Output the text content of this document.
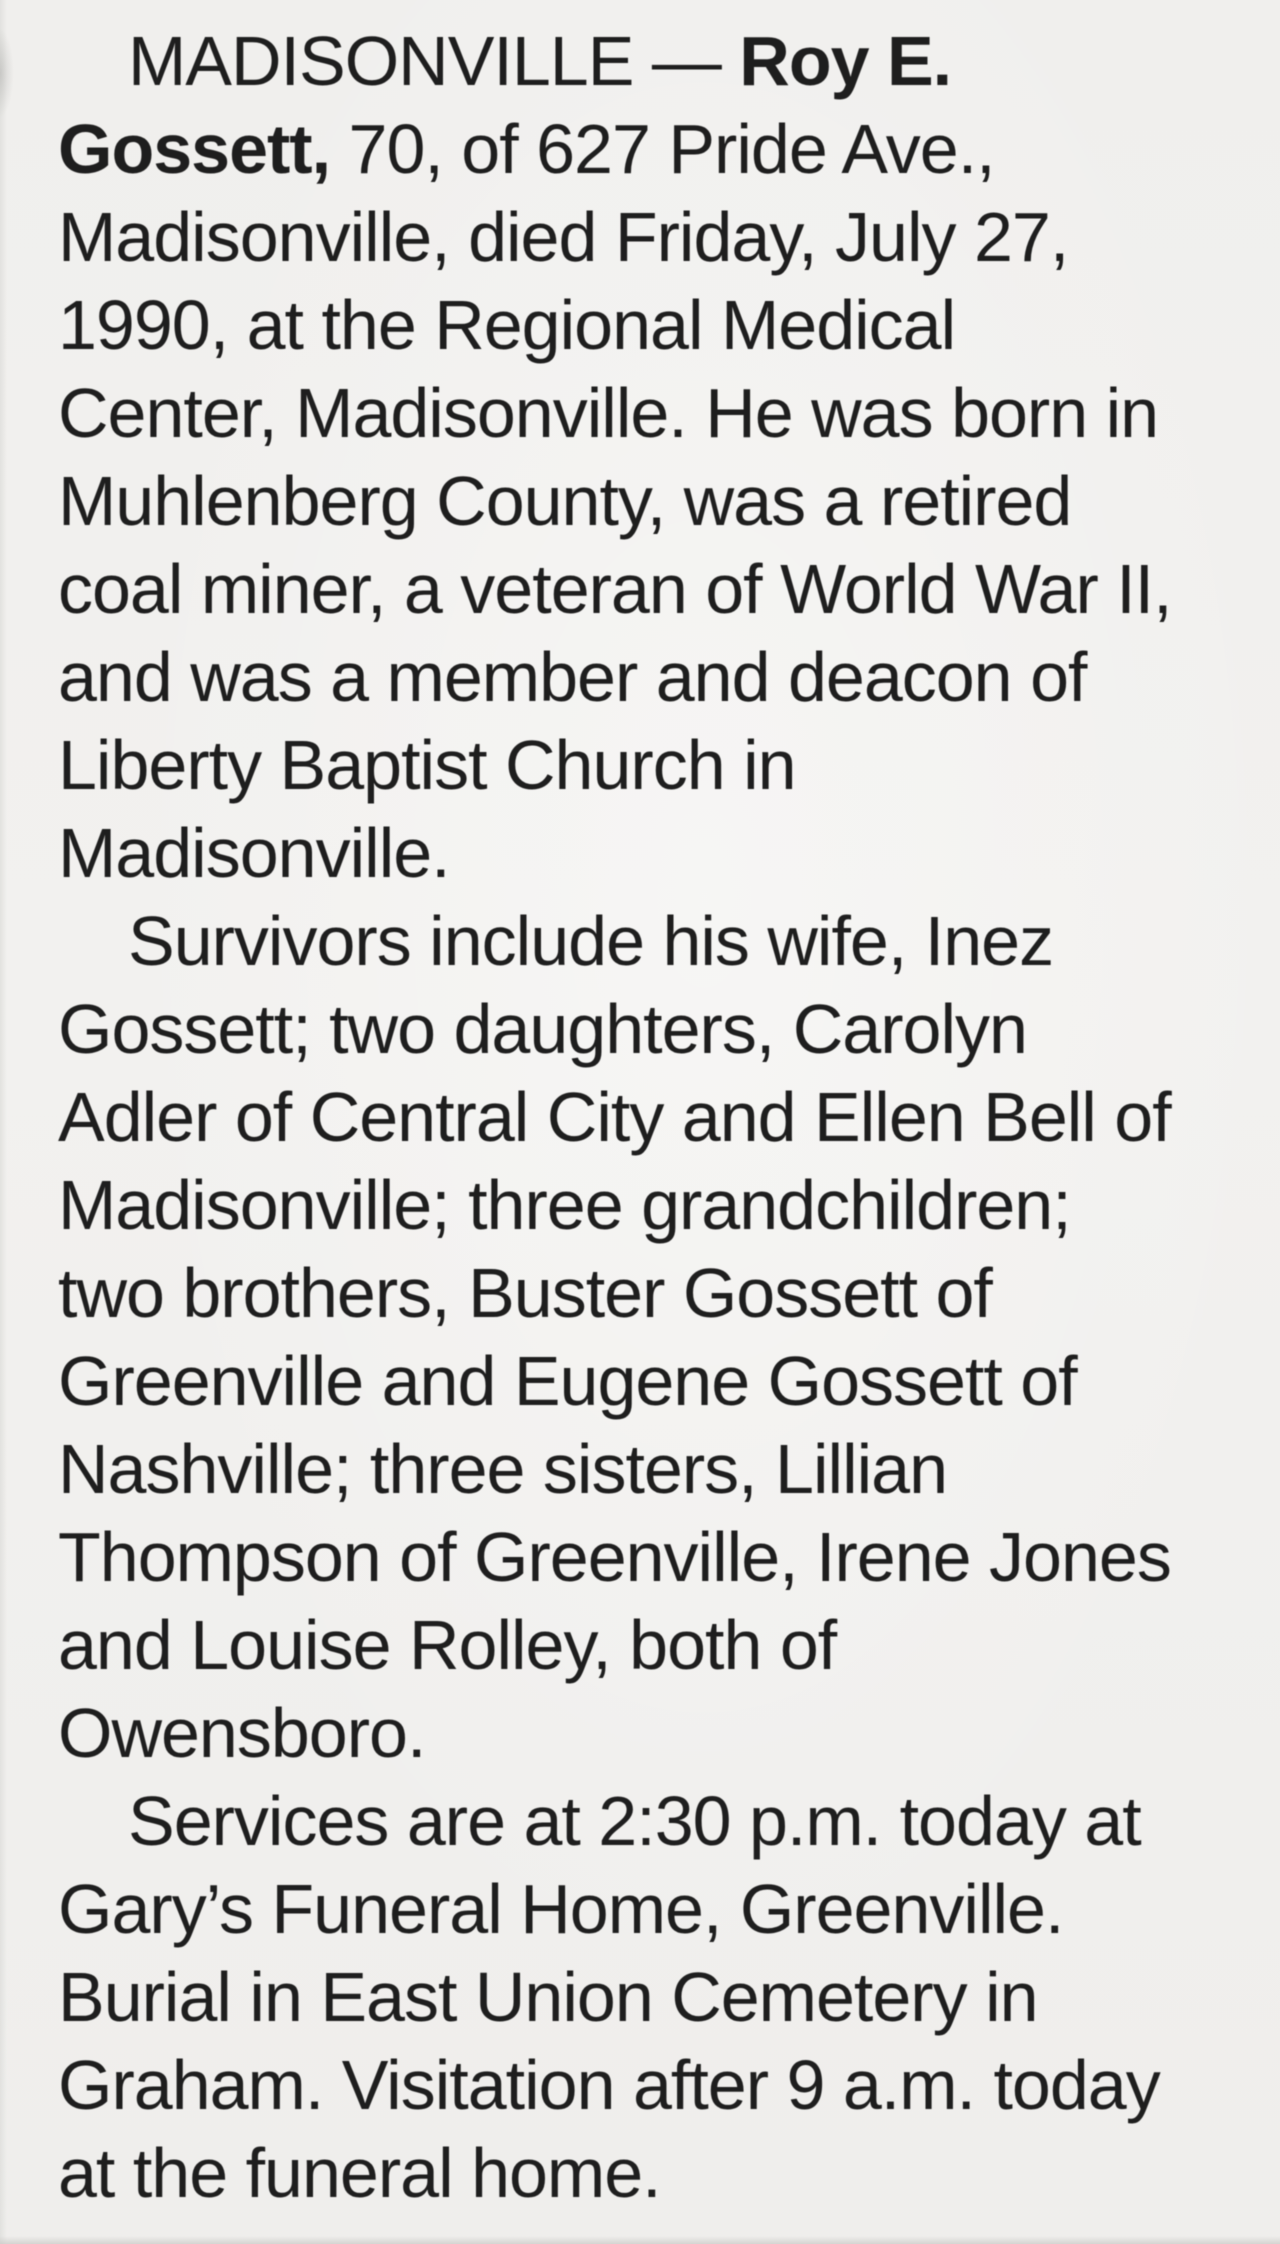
MADISONVILLE — Roy E.
Gossett, 70, of 627 Pride Ave.,
Madisonville, died Friday, July 27,
1990, at the Regional Medical
Center, Madisonville. He was born in
Muhlenberg County, was a retired
coal miner, a veteran of World War II,
and was a member and deacon of
Liberty Baptist Church in
Madisonville.
Survivors include his wife, Inez
Gossett; two daughters, Carolyn
Adler of Central City and Ellen Bell of
Madisonville; three grandchildren;
two brothers, Buster Gossett of
Greenville and Eugene Gossett of
Nashville; three sisters, Lillian
Thompson of Greenville, Irene Jones
and Louise Rolley, both of
Owensboro.
Services are at 2:30 p.m. today at
Gary’s Funeral Home, Greenville.
Burial in East Union Cemetery in
Graham. Visitation after 9 a.m. today
at the funeral home.
